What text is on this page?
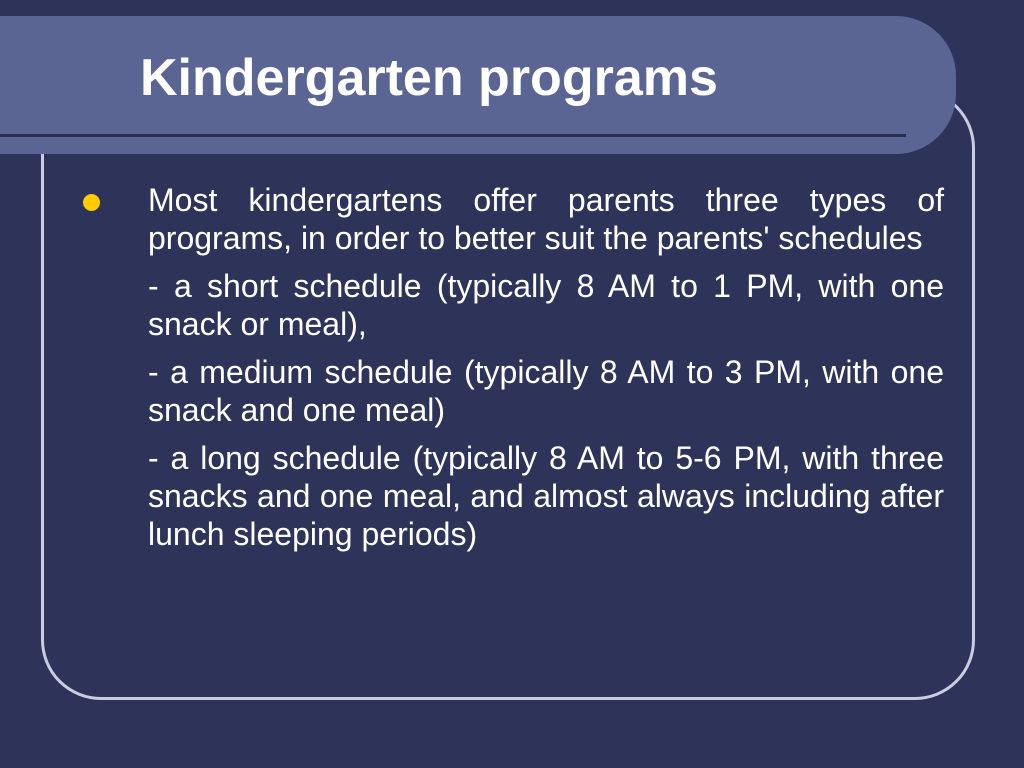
Kindergarten programs

Most kindergartens offer parents three types of programs, in order to better suit the parents' schedules

- a short schedule (typically 8 AM to 1 PM, with one snack or meal),

- a medium schedule (typically 8 AM to 3 PM, with one snack and one meal)

- a long schedule (typically 8 AM to 5-6 PM, with three snacks and one meal, and almost always including after lunch sleeping periods)
